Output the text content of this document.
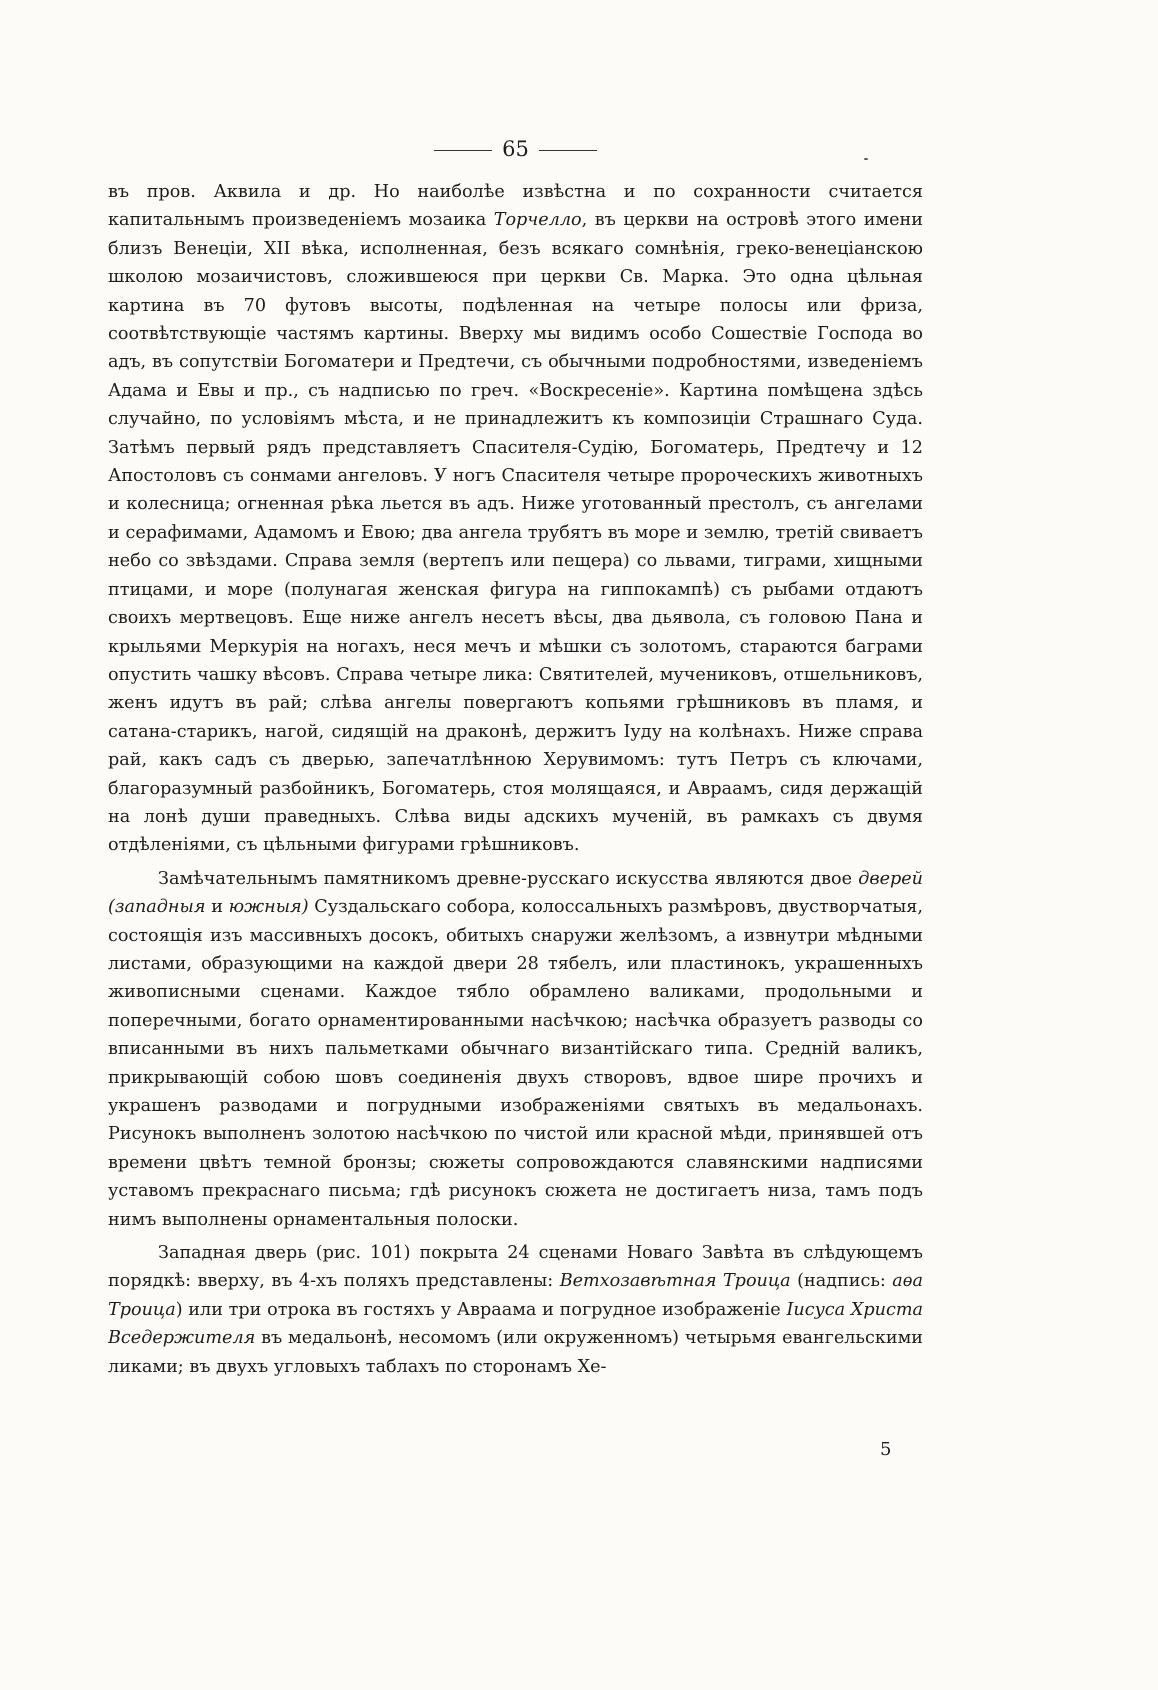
65

въ пров. Аквила и др. Но наиболѣе извѣстна и по сохранности считается капитальнымъ произведеніемъ мозаика Торчелло, въ церкви на островѣ этого имени близъ Венеціи, XII вѣка, исполненная, безъ всякаго сомнѣнія, греко-венеціанскою школою мозаичистовъ, сложившеюся при церкви Св. Марка. Это одна цѣльная картина въ 70 футовъ высоты, подѣленная на четыре полосы или фриза, соотвѣтствующіе частямъ картины. Вверху мы видимъ особо Сошествіе Господа во адъ, въ сопутствіи Богоматери и Предтечи, съ обычными подробностями, изведеніемъ Адама и Евы и пр., съ надписью по греч. «Воскресеніе». Картина помѣщена здѣсь случайно, по условіямъ мѣста, и не принадлежитъ къ композиціи Страшнаго Суда. Затѣмъ первый рядъ представляетъ Спасителя-Судію, Богоматерь, Предтечу и 12 Апостоловъ съ сонмами ангеловъ. У ногъ Спасителя четыре пророческихъ животныхъ и колесница; огненная рѣка льется въ адъ. Ниже уготованный престолъ, съ ангелами и серафимами, Адамомъ и Евою; два ангела трубятъ въ море и землю, третій свиваетъ небо со звѣздами. Справа земля (вертепъ или пещера) со львами, тиграми, хищными птицами, и море (полунагая женская фигура на гиппокампѣ) съ рыбами отдаютъ своихъ мертвецовъ. Еще ниже ангелъ несетъ вѣсы, два дьявола, съ головою Пана и крыльями Меркурія на ногахъ, неся мечъ и мѣшки съ золотомъ, стараются баграми опустить чашку вѣсовъ. Справа четыре лика: Святителей, мучениковъ, отшельниковъ, женъ идутъ въ рай; слѣва ангелы повергаютъ копьями грѣшниковъ въ пламя, и сатана-старикъ, нагой, сидящій на драконѣ, держитъ Іуду на колѣнахъ. Ниже справа рай, какъ садъ съ дверью, запечатлѣнною Херувимомъ: тутъ Петръ съ ключами, благоразумный разбойникъ, Богоматерь, стоя молящаяся, и Авраамъ, сидя держащій на лонѣ души праведныхъ. Слѣва виды адскихъ мученій, въ рамкахъ съ двумя отдѣленіями, съ цѣльными фигурами грѣшниковъ.

Замѣчательнымъ памятникомъ древне-русскаго искусства являются двое дверей (западныя и южныя) Суздальскаго собора, колоссальныхъ размѣровъ, двустворчатыя, состоящія изъ массивныхъ досокъ, обитыхъ снаружи желѣзомъ, а извнутри мѣдными листами, образующими на каждой двери 28 тябелъ, или пластинокъ, украшенныхъ живописными сценами. Каждое тябло обрамлено валиками, продольными и поперечными, богато орнаментированными насѣчкою; насѣчка образуетъ разводы со вписанными въ нихъ пальметками обычнаго византійскаго типа. Средній валикъ, прикрывающій собою шовъ соединенія двухъ створовъ, вдвое шире прочихъ и украшенъ разводами и погрудными изображеніями святыхъ въ медальонахъ. Рисунокъ выполненъ золотою насѣчкою по чистой или красной мѣди, принявшей отъ времени цвѣтъ темной бронзы; сюжеты сопровождаются славянскими надписями уставомъ прекраснаго письма; гдѣ рисунокъ сюжета не достигаетъ низа, тамъ подъ нимъ выполнены орнаментальныя полоски.

Западная дверь (рис. 101) покрыта 24 сценами Новаго Завѣта въ слѣдующемъ порядкѣ: вверху, въ 4-хъ поляхъ представлены: Ветхозавѣтная Троица (надпись: аѳа Троица) или три отрока въ гостяхъ у Авраама и погрудное изображеніе Іисуса Христа Вседержителя въ медальонѣ, несомомъ (или окруженномъ) четырьмя евангельскими ликами; въ двухъ угловыхъ таблахъ по сторонамъ Хе-

5
